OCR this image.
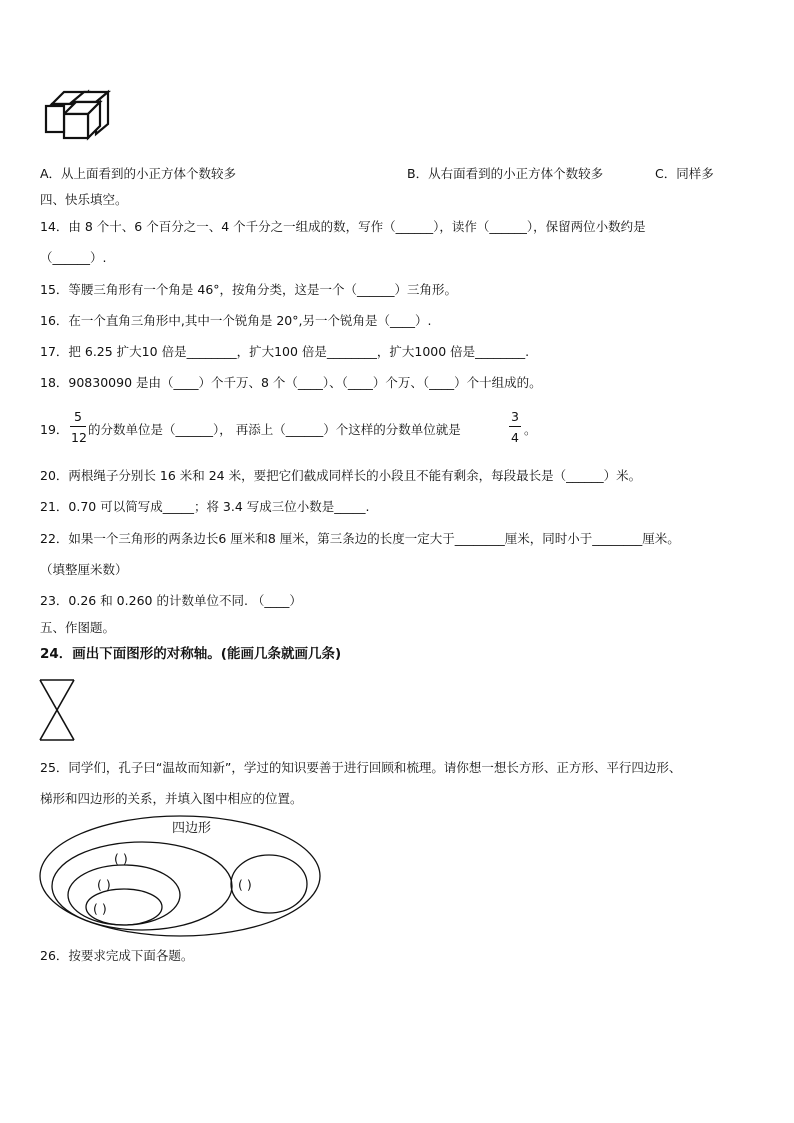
A．从上面看到的小正方体个数较多	B．从右面看到的小正方体个数较多	C．同样多
四、快乐填空。
14．由 8 个十、6 个百分之一、4 个千分之一组成的数，写作（______），读作（______），保留两位小数约是
（______）.
15．等腰三角形有一个角是 46°，按角分类，这是一个（______）三角形。
16．在一个直角三角形中,其中一个锐角是 20°,另一个锐角是（____）.
17．把 6.25 扩大10 倍是________，扩大100 倍是________，扩大1000 倍是________.
18．90830090 是由（____）个千万、8 个（____）、（____）个万、（____）个十组成的。
19．
5
12
的分数单位是（______）， 再添上（______）个这样的分数单位就是
3
4
。
20．两根绳子分别长 16 米和 24 米，要把它们截成同样长的小段且不能有剩余，每段最长是（______）米。
21．0.70 可以简写成_____；将 3.4 写成三位小数是_____.
22．如果一个三角形的两条边长6 厘米和8 厘米，第三条边的长度一定大于________厘米，同时小于________厘米。
（填整厘米数）
23．0.26 和 0.260 的计数单位不同. （____）
五、作图题。
24．画出下面图形的对称轴。(能画几条就画几条)
25．同学们，孔子曰“温故而知新”，学过的知识要善于进行回顾和梳理。请你想一想长方形、正方形、平行四边形、
梯形和四边形的关系，并填入图中相应的位置。
四边形
( )
( )
( )
( )
26．按要求完成下面各题。
